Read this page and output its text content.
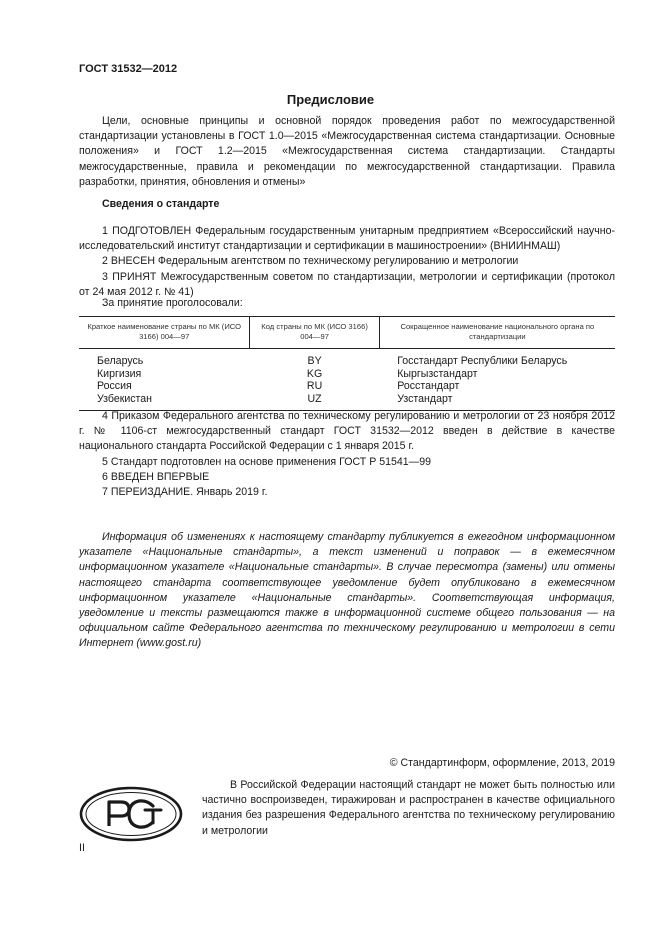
ГОСТ 31532—2012
Предисловие
Цели, основные принципы и основной порядок проведения работ по межгосударственной стандартизации установлены в ГОСТ 1.0—2015 «Межгосударственная система стандартизации. Основные положения» и ГОСТ 1.2—2015 «Межгосударственная система стандартизации. Стандарты межгосударственные, правила и рекомендации по межгосударственной стандартизации. Правила разработки, принятия, обновления и отмены»
Сведения о стандарте
1 ПОДГОТОВЛЕН Федеральным государственным унитарным предприятием «Всероссийский научно-исследовательский институт стандартизации и сертификации в машиностроении» (ВНИИНМАШ)
2 ВНЕСЕН Федеральным агентством по техническому регулированию и метрологии
3 ПРИНЯТ Межгосударственным советом по стандартизации, метрологии и сертификации (протокол от 24 мая 2012 г. № 41)
За принятие проголосовали:
Краткое наименование страны по МК (ИСО 3166) 004—97	Код страны по МК (ИСО 3166) 004—97	Сокращенное наименование национального органа по стандартизации
Беларусь	BY	Госстандарт Республики Беларусь
Киргизия	KG	Кыргызстандарт
Россия	RU	Росстандарт
Узбекистан	UZ	Узстандарт
4 Приказом Федерального агентства по техническому регулированию и метрологии от 23 ноября 2012 г. № 1106-ст межгосударственный стандарт ГОСТ 31532—2012 введен в действие в качестве национального стандарта Российской Федерации с 1 января 2015 г.
5 Стандарт подготовлен на основе применения ГОСТ Р 51541—99
6 ВВЕДЕН ВПЕРВЫЕ
7 ПЕРЕИЗДАНИЕ. Январь 2019 г.
Информация об изменениях к настоящему стандарту публикуется в ежегодном информационном указателе «Национальные стандарты», а текст изменений и поправок — в ежемесячном информационном указателе «Национальные стандарты». В случае пересмотра (замены) или отмены настоящего стандарта соответствующее уведомление будет опубликовано в ежемесячном информационном указателе «Национальные стандарты». Соответствующая информация, уведомление и тексты размещаются также в информационной системе общего пользования — на официальном сайте Федерального агентства по техническому регулированию и метрологии в сети Интернет (www.gost.ru)
© Стандартинформ, оформление, 2013, 2019
В Российской Федерации настоящий стандарт не может быть полностью или частично воспроизведен, тиражирован и распространен в качестве официального издания без разрешения Федерального агентства по техническому регулированию и метрологии
II
